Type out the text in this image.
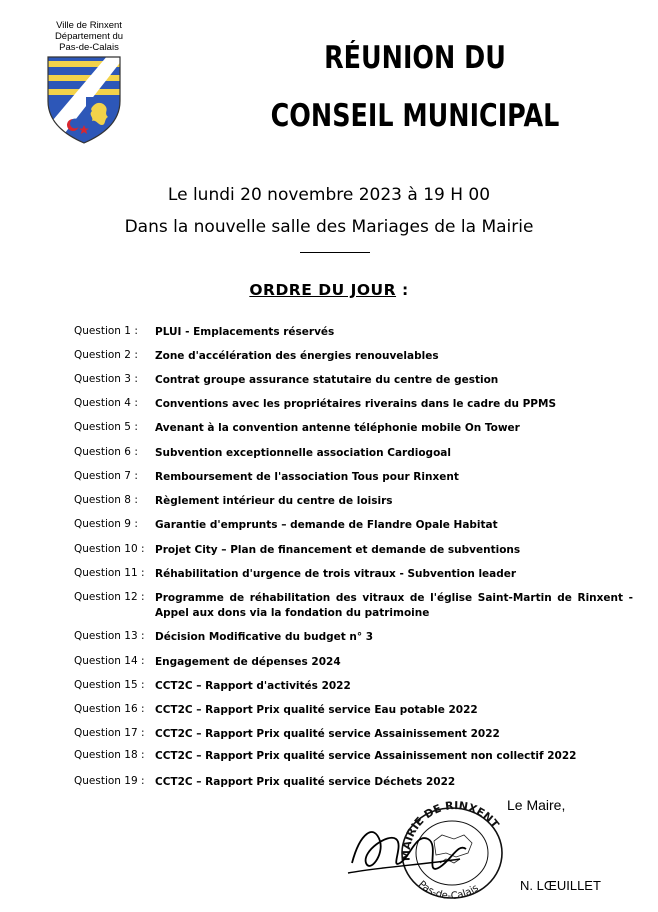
Ville de Rinxent
Département du
Pas-de-Calais	RÉUNION DU
CONSEIL MUNICIPAL
Le lundi 20 novembre 2023 à 19 H 00
Dans la nouvelle salle des Mariages de la Mairie
ORDRE DU JOUR :
Question 1 : PLUI - Emplacements réservés
Question 2 : Zone d'accélération des énergies renouvelables
Question 3 : Contrat groupe assurance statutaire du centre de gestion
Question 4 : Conventions avec les propriétaires riverains dans le cadre du PPMS
Question 5 : Avenant à la convention antenne téléphonie mobile On Tower
Question 6 : Subvention exceptionnelle association Cardiogoal
Question 7 : Remboursement de l'association Tous pour Rinxent
Question 8 : Règlement intérieur du centre de loisirs
Question 9 : Garantie d'emprunts – demande de Flandre Opale Habitat
Question 10 : Projet City – Plan de financement et demande de subventions
Question 11 : Réhabilitation d'urgence de trois vitraux - Subvention leader
Question 12 : Programme de réhabilitation des vitraux de l'église Saint-Martin de Rinxent - Appel aux dons via la fondation du patrimoine
Question 13 : Décision Modificative du budget n° 3
Question 14 : Engagement de dépenses 2024
Question 15 : CCT2C – Rapport d'activités 2022
Question 16 : CCT2C – Rapport Prix qualité service Eau potable 2022
Question 17 : CCT2C – Rapport Prix qualité service Assainissement 2022
Question 18 : CCT2C – Rapport Prix qualité service Assainissement non collectif 2022
Question 19 : CCT2C – Rapport Prix qualité service Déchets 2022
MAIRIE DE RINXENT
Pas-de-Calais
Le Maire,
N. LŒUILLET
